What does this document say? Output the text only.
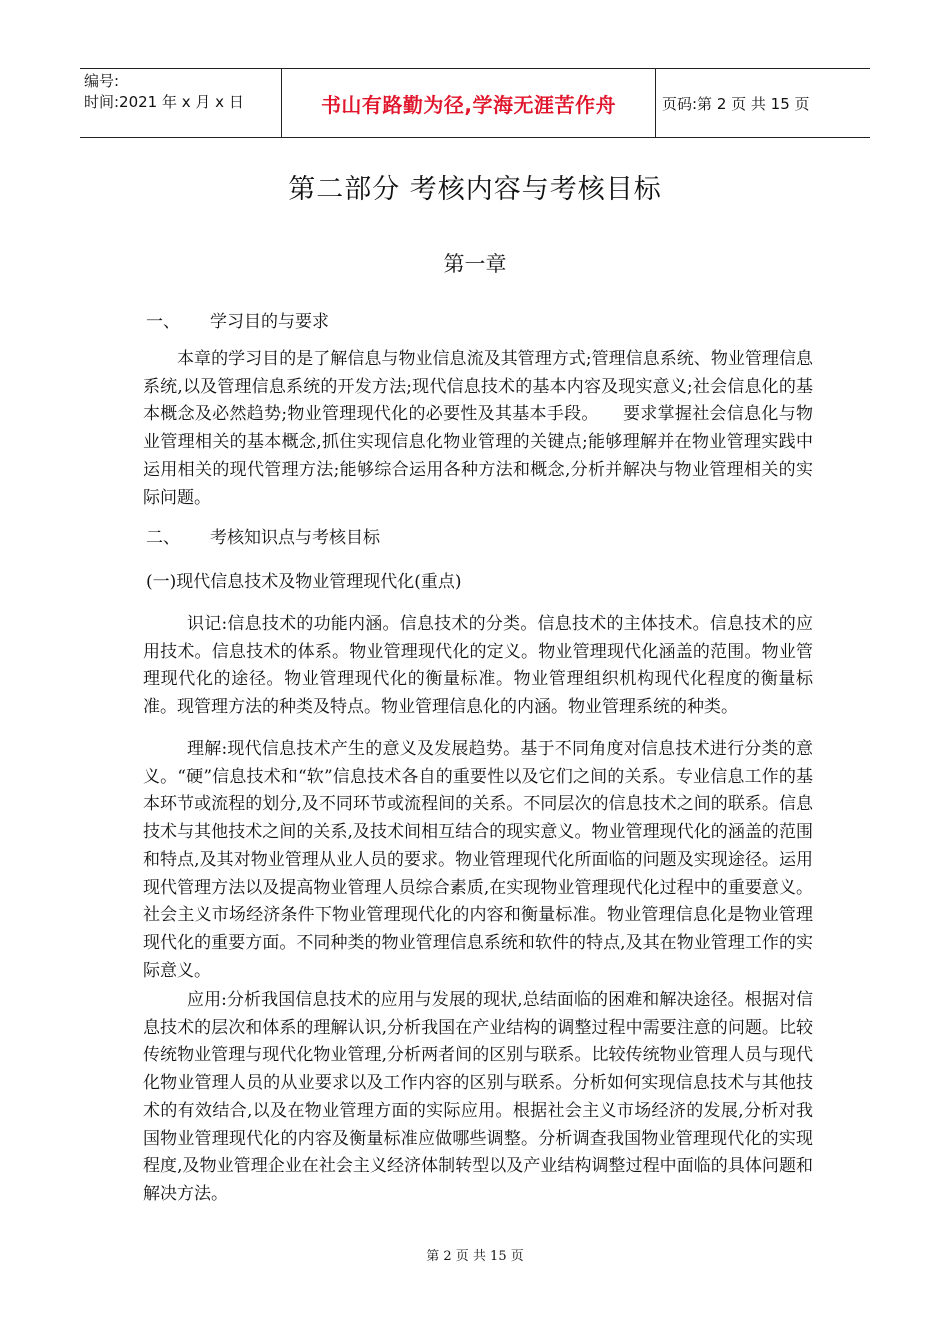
编号:
时间:2021 年 x 月 x 日	书山有路勤为径,学海无涯苦作舟	页码:第 2 页 共 15 页
第二部分 考核内容与考核目标
第一章
一、 学习目的与要求
本章的学习目的是了解信息与物业信息流及其管理方式;管理信息系统、物业管理信息系统,以及管理信息系统的开发方法;现代信息技术的基本内容及现实意义;社会信息化的基本概念及必然趋势;物业管理现代化的必要性及其基本手段。 要求掌握社会信息化与物业管理相关的基本概念,抓住实现信息化物业管理的关键点;能够理解并在物业管理实践中运用相关的现代管理方法;能够综合运用各种方法和概念,分析并解决与物业管理相关的实际问题。
二、 考核知识点与考核目标
(一)现代信息技术及物业管理现代化(重点)
识记:信息技术的功能内涵。信息技术的分类。信息技术的主体技术。信息技术的应用技术。信息技术的体系。物业管理现代化的定义。物业管理现代化涵盖的范围。物业管理现代化的途径。物业管理现代化的衡量标准。物业管理组织机构现代化程度的衡量标准。现管理方法的种类及特点。物业管理信息化的内涵。物业管理系统的种类。
理解:现代信息技术产生的意义及发展趋势。基于不同角度对信息技术进行分类的意义。“硬”信息技术和“软”信息技术各自的重要性以及它们之间的关系。专业信息工作的基本环节或流程的划分,及不同环节或流程间的关系。不同层次的信息技术之间的联系。信息技术与其他技术之间的关系,及技术间相互结合的现实意义。物业管理现代化的涵盖的范围和特点,及其对物业管理从业人员的要求。物业管理现代化所面临的问题及实现途径。运用现代管理方法以及提高物业管理人员综合素质,在实现物业管理现代化过程中的重要意义。社会主义市场经济条件下物业管理现代化的内容和衡量标准。物业管理信息化是物业管理现代化的重要方面。不同种类的物业管理信息系统和软件的特点,及其在物业管理工作的实际意义。
应用:分析我国信息技术的应用与发展的现状,总结面临的困难和解决途径。根据对信息技术的层次和体系的理解认识,分析我国在产业结构的调整过程中需要注意的问题。比较传统物业管理与现代化物业管理,分析两者间的区别与联系。比较传统物业管理人员与现代化物业管理人员的从业要求以及工作内容的区别与联系。分析如何实现信息技术与其他技术的有效结合,以及在物业管理方面的实际应用。根据社会主义市场经济的发展,分析对我国物业管理现代化的内容及衡量标准应做哪些调整。分析调查我国物业管理现代化的实现程度,及物业管理企业在社会主义经济体制转型以及产业结构调整过程中面临的具体问题和解决方法。
第 2 页 共 15 页
